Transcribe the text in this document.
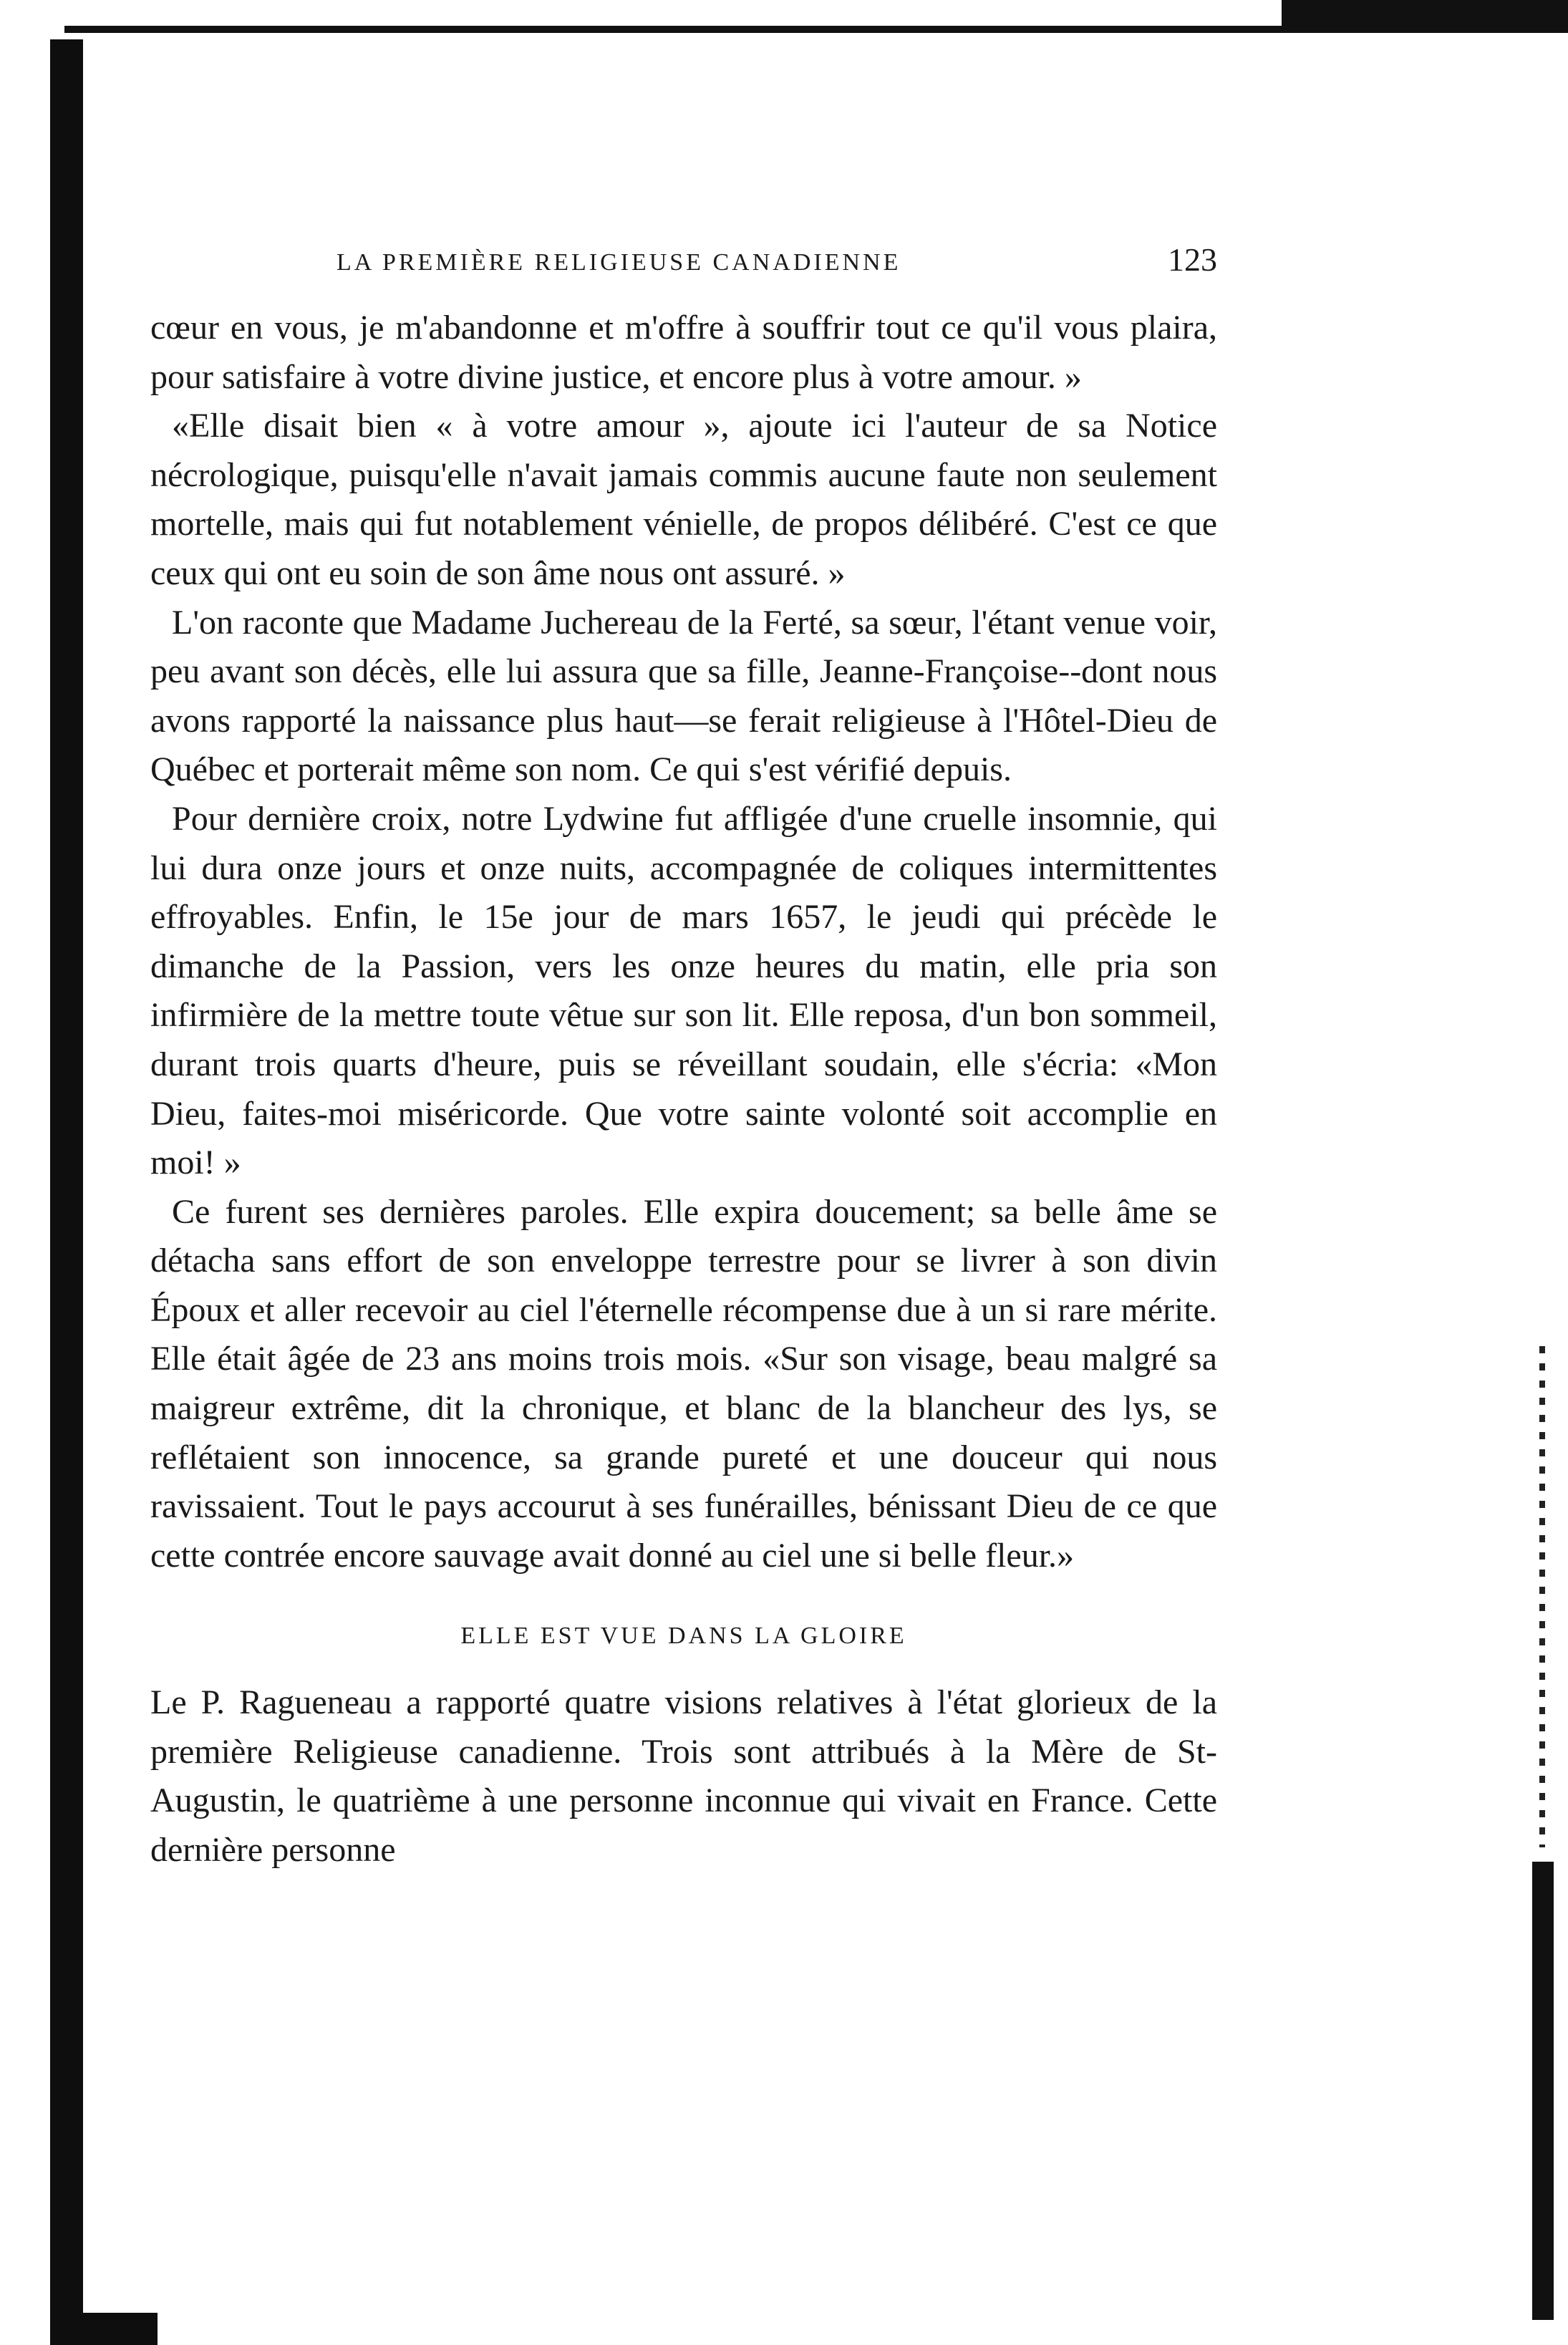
LA PREMIÈRE RELIGIEUSE CANADIENNE	123

cœur en vous, je m'abandonne et m'offre à souffrir tout ce qu'il vous plaira, pour satisfaire à votre divine justice, et encore plus à votre amour. »

«Elle disait bien « à votre amour », ajoute ici l'auteur de sa Notice nécrologique, puisqu'elle n'avait jamais commis aucune faute non seulement mortelle, mais qui fut notablement vénielle, de propos délibéré. C'est ce que ceux qui ont eu soin de son âme nous ont assuré. »

L'on raconte que Madame Juchereau de la Ferté, sa sœur, l'étant venue voir, peu avant son décès, elle lui assura que sa fille, Jeanne-Françoise--dont nous avons rapporté la naissance plus haut—se ferait religieuse à l'Hôtel-Dieu de Québec et porterait même son nom. Ce qui s'est vérifié depuis.

Pour dernière croix, notre Lydwine fut affligée d'une cruelle insomnie, qui lui dura onze jours et onze nuits, accompagnée de coliques intermittentes effroyables. Enfin, le 15e jour de mars 1657, le jeudi qui précède le dimanche de la Passion, vers les onze heures du matin, elle pria son infirmière de la mettre toute vêtue sur son lit. Elle reposa, d'un bon sommeil, durant trois quarts d'heure, puis se réveillant soudain, elle s'écria: «Mon Dieu, faites-moi miséricorde. Que votre sainte volonté soit accomplie en moi! »

Ce furent ses dernières paroles. Elle expira doucement; sa belle âme se détacha sans effort de son enveloppe terrestre pour se livrer à son divin Époux et aller recevoir au ciel l'éternelle récompense due à un si rare mérite. Elle était âgée de 23 ans moins trois mois. «Sur son visage, beau malgré sa maigreur extrême, dit la chronique, et blanc de la blancheur des lys, se reflétaient son innocence, sa grande pureté et une douceur qui nous ravissaient. Tout le pays accourut à ses funérailles, bénissant Dieu de ce que cette contrée encore sauvage avait donné au ciel une si belle fleur.»

ELLE EST VUE DANS LA GLOIRE

Le P. Ragueneau a rapporté quatre visions relatives à l'état glorieux de la première Religieuse canadienne. Trois sont attribués à la Mère de St-Augustin, le quatrième à une personne inconnue qui vivait en France. Cette dernière personne
